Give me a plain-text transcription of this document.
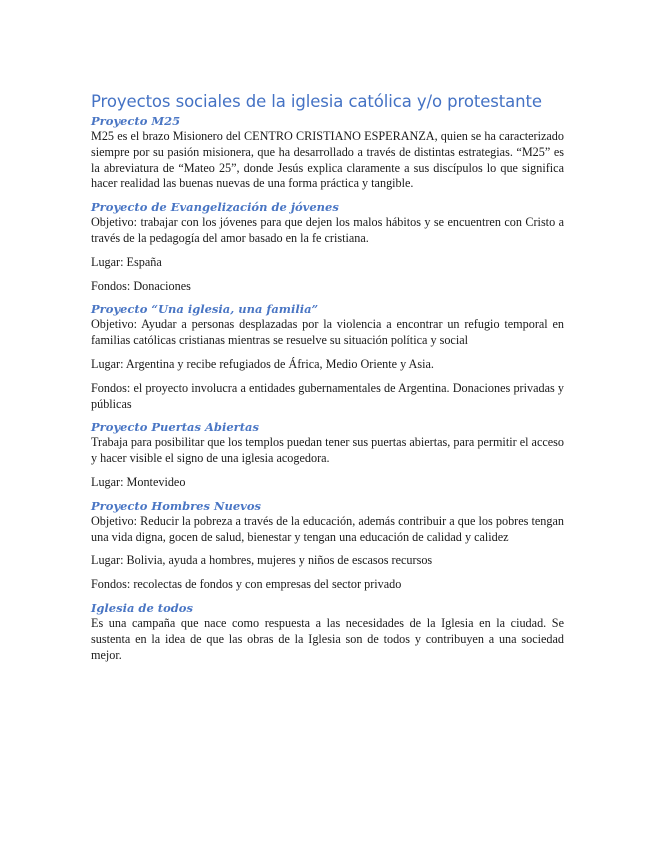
Proyectos sociales de la iglesia católica y/o protestante
Proyecto M25

M25 es el brazo Misionero del CENTRO CRISTIANO ESPERANZA, quien se ha caracterizado siempre por su pasión misionera, que ha desarrollado a través de distintas estrategias. “M25” es la abreviatura de “Mateo 25”, donde Jesús explica claramente a sus discípulos lo que significa hacer realidad las buenas nuevas de una forma práctica y tangible.

Proyecto de Evangelización de jóvenes

Objetivo: trabajar con los jóvenes para que dejen los malos hábitos y se encuentren con Cristo a través de la pedagogía del amor basado en la fe cristiana.

Lugar: España

Fondos: Donaciones

Proyecto “Una iglesia, una familia”

Objetivo: Ayudar a personas desplazadas por la violencia a encontrar un refugio temporal en familias católicas cristianas mientras se resuelve su situación política y social

Lugar: Argentina y recibe refugiados de África, Medio Oriente y Asia.

Fondos: el proyecto involucra a entidades gubernamentales de Argentina. Donaciones privadas y públicas

Proyecto Puertas Abiertas

Trabaja para posibilitar que los templos puedan tener sus puertas abiertas, para permitir el acceso y hacer visible el signo de una iglesia acogedora.

Lugar: Montevideo

Proyecto Hombres Nuevos

Objetivo: Reducir la pobreza a través de la educación, además contribuir a que los pobres tengan una vida digna, gocen de salud, bienestar y tengan una educación de calidad y calidez

Lugar: Bolivia, ayuda a hombres, mujeres y niños de escasos recursos

Fondos: recolectas de fondos y con empresas del sector privado

Iglesia de todos

Es una campaña que nace como respuesta a las necesidades de la Iglesia en la ciudad. Se sustenta en la idea de que las obras de la Iglesia son de todos y contribuyen a una sociedad mejor.
